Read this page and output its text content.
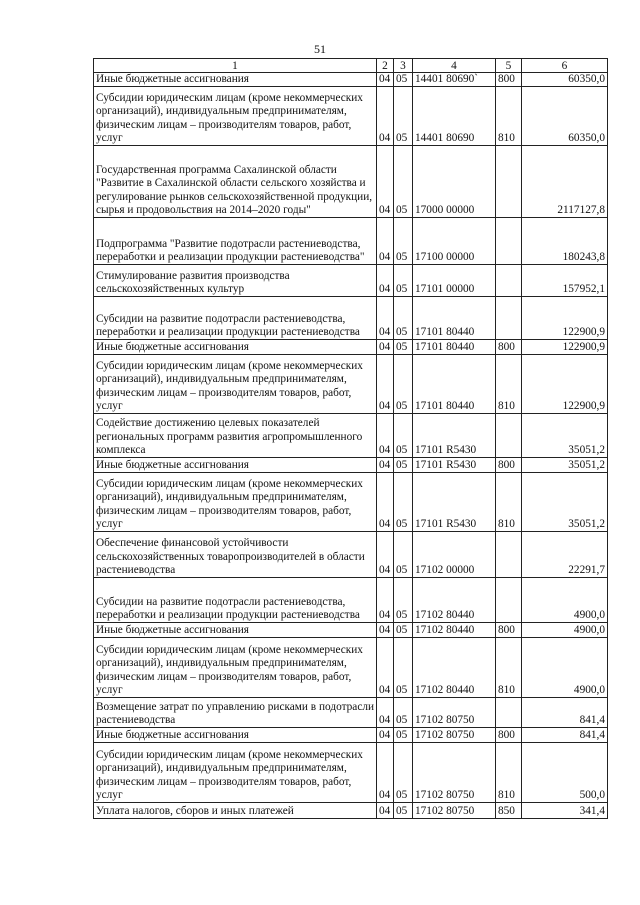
51
1	2	3	4	5	6
Иные бюджетные ассигнования	04	05	14401 80690`	800	60350,0
Субсидии юридическим лицам (кроме некоммерческих организаций), индивидуальным предпринимателям, физическим лицам – производителям товаров, работ, услуг	04	05	14401 80690	810	60350,0
Государственная программа Сахалинской области "Развитие в Сахалинской области сельского хозяйства и регулирование рынков сельскохозяйственной продукции, сырья и продовольствия на 2014–2020 годы"	04	05	17000 00000		2117127,8
Подпрограмма "Развитие подотрасли растениеводства, переработки и реализации продукции растениеводства"	04	05	17100 00000		180243,8
Стимулирование развития производства сельскохозяйственных культур	04	05	17101 00000		157952,1
Субсидии на развитие подотрасли растениеводства, переработки и реализации продукции растениеводства	04	05	17101 80440		122900,9
Иные бюджетные ассигнования	04	05	17101 80440	800	122900,9
Субсидии юридическим лицам (кроме некоммерческих организаций), индивидуальным предпринимателям, физическим лицам – производителям товаров, работ, услуг	04	05	17101 80440	810	122900,9
Содействие достижению целевых показателей региональных программ развития агропромышленного комплекса	04	05	17101 R5430		35051,2
Иные бюджетные ассигнования	04	05	17101 R5430	800	35051,2
Субсидии юридическим лицам (кроме некоммерческих организаций), индивидуальным предпринимателям, физическим лицам – производителям товаров, работ, услуг	04	05	17101 R5430	810	35051,2
Обеспечение финансовой устойчивости сельскохозяйственных товаропроизводителей в области растениеводства	04	05	17102 00000		22291,7
Субсидии на развитие подотрасли растениеводства, переработки и реализации продукции растениеводства	04	05	17102 80440		4900,0
Иные бюджетные ассигнования	04	05	17102 80440	800	4900,0
Субсидии юридическим лицам (кроме некоммерческих организаций), индивидуальным предпринимателям, физическим лицам – производителям товаров, работ, услуг	04	05	17102 80440	810	4900,0
Возмещение затрат по управлению рисками в подотрасли растениеводства	04	05	17102 80750		841,4
Иные бюджетные ассигнования	04	05	17102 80750	800	841,4
Субсидии юридическим лицам (кроме некоммерческих организаций), индивидуальным предпринимателям, физическим лицам – производителям товаров, работ, услуг	04	05	17102 80750	810	500,0
Уплата налогов, сборов и иных платежей	04	05	17102 80750	850	341,4
